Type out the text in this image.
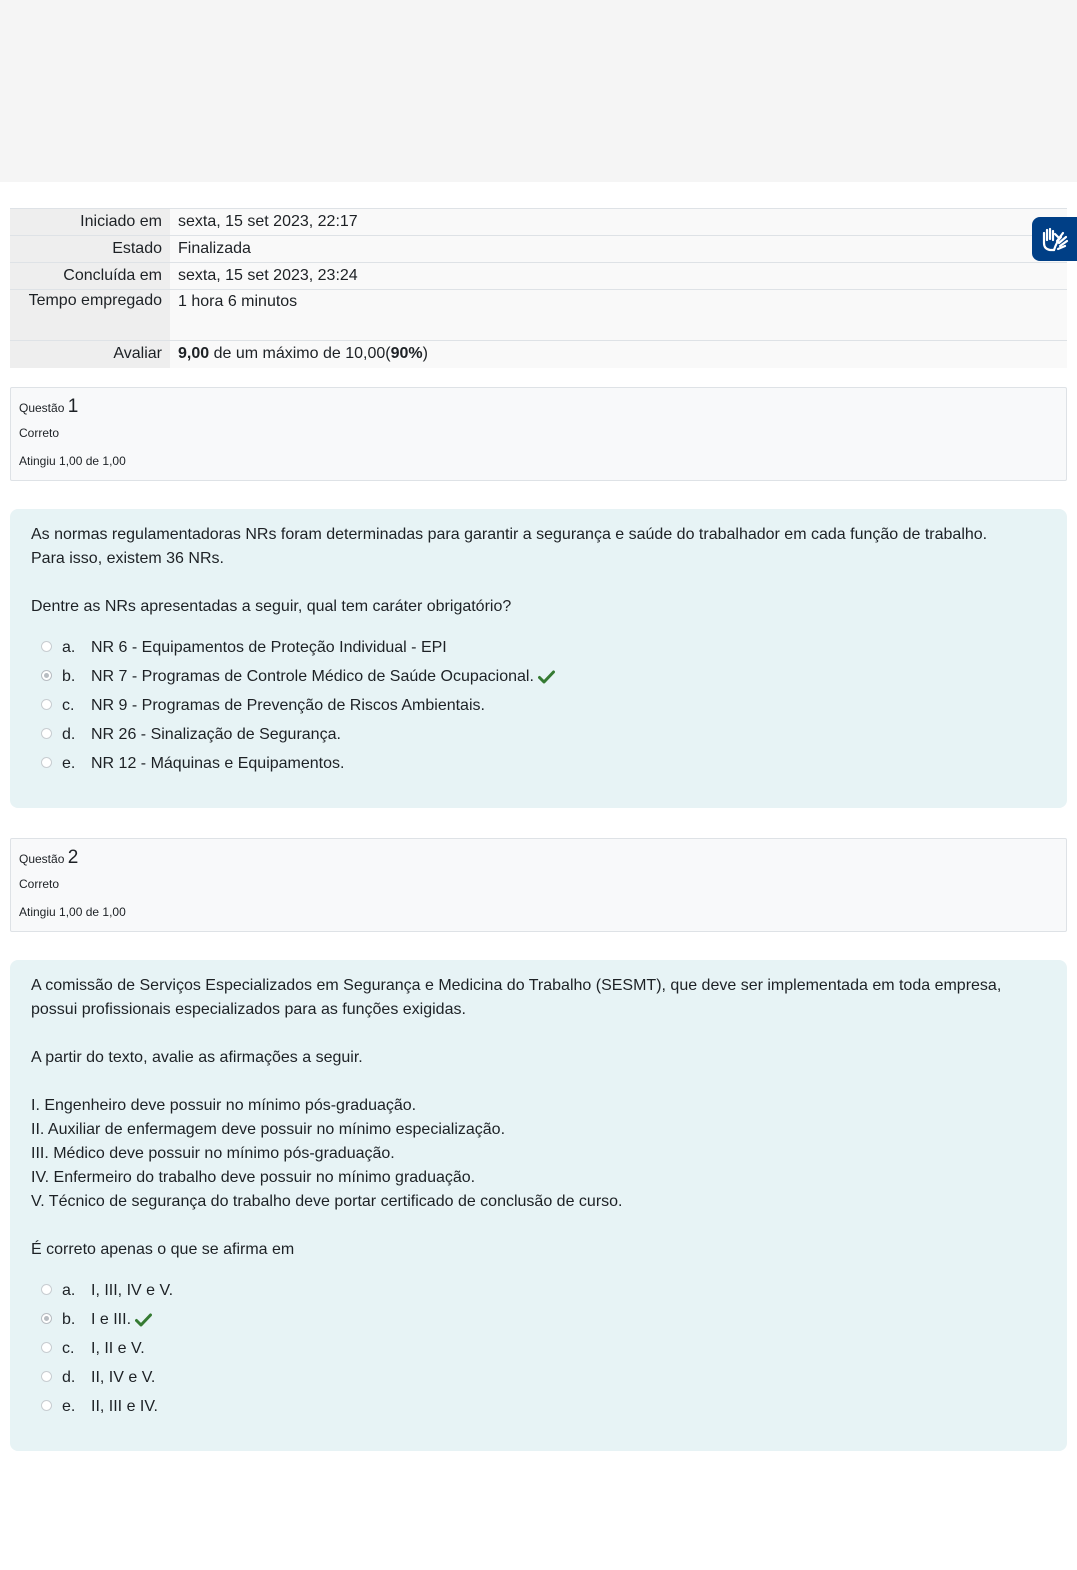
Iniciado em	sexta, 15 set 2023, 22:17
Estado	Finalizada
Concluída em	sexta, 15 set 2023, 23:24
Tempo empregado	1 hora 6 minutos
Avaliar	9,00 de um máximo de 10,00(90%)
Questão 1
Correto
Atingiu 1,00 de 1,00

As normas regulamentadoras NRs foram determinadas para garantir a segurança e saúde do trabalhador em cada função de trabalho.

Para isso, existem 36 NRs.

Dentre as NRs apresentadas a seguir, qual tem caráter obrigatório?

a. NR 6 - Equipamentos de Proteção Individual - EPI
b. NR 7 - Programas de Controle Médico de Saúde Ocupacional.
c. NR 9 - Programas de Prevenção de Riscos Ambientais.
d. NR 26 - Sinalização de Segurança.
e. NR 12 - Máquinas e Equipamentos.
Questão 2
Correto
Atingiu 1,00 de 1,00

A comissão de Serviços Especializados em Segurança e Medicina do Trabalho (SESMT), que deve ser implementada em toda empresa,

possui profissionais especializados para as funções exigidas.

A partir do texto, avalie as afirmações a seguir.

I. Engenheiro deve possuir no mínimo pós-graduação.

II. Auxiliar de enfermagem deve possuir no mínimo especialização.

III. Médico deve possuir no mínimo pós-graduação.

IV. Enfermeiro do trabalho deve possuir no mínimo graduação.

V. Técnico de segurança do trabalho deve portar certificado de conclusão de curso.

É correto apenas o que se afirma em

a. I, III, IV e V.
b. I e III.
c. I, II e V.
d. II, IV e V.
e. II, III e IV.
